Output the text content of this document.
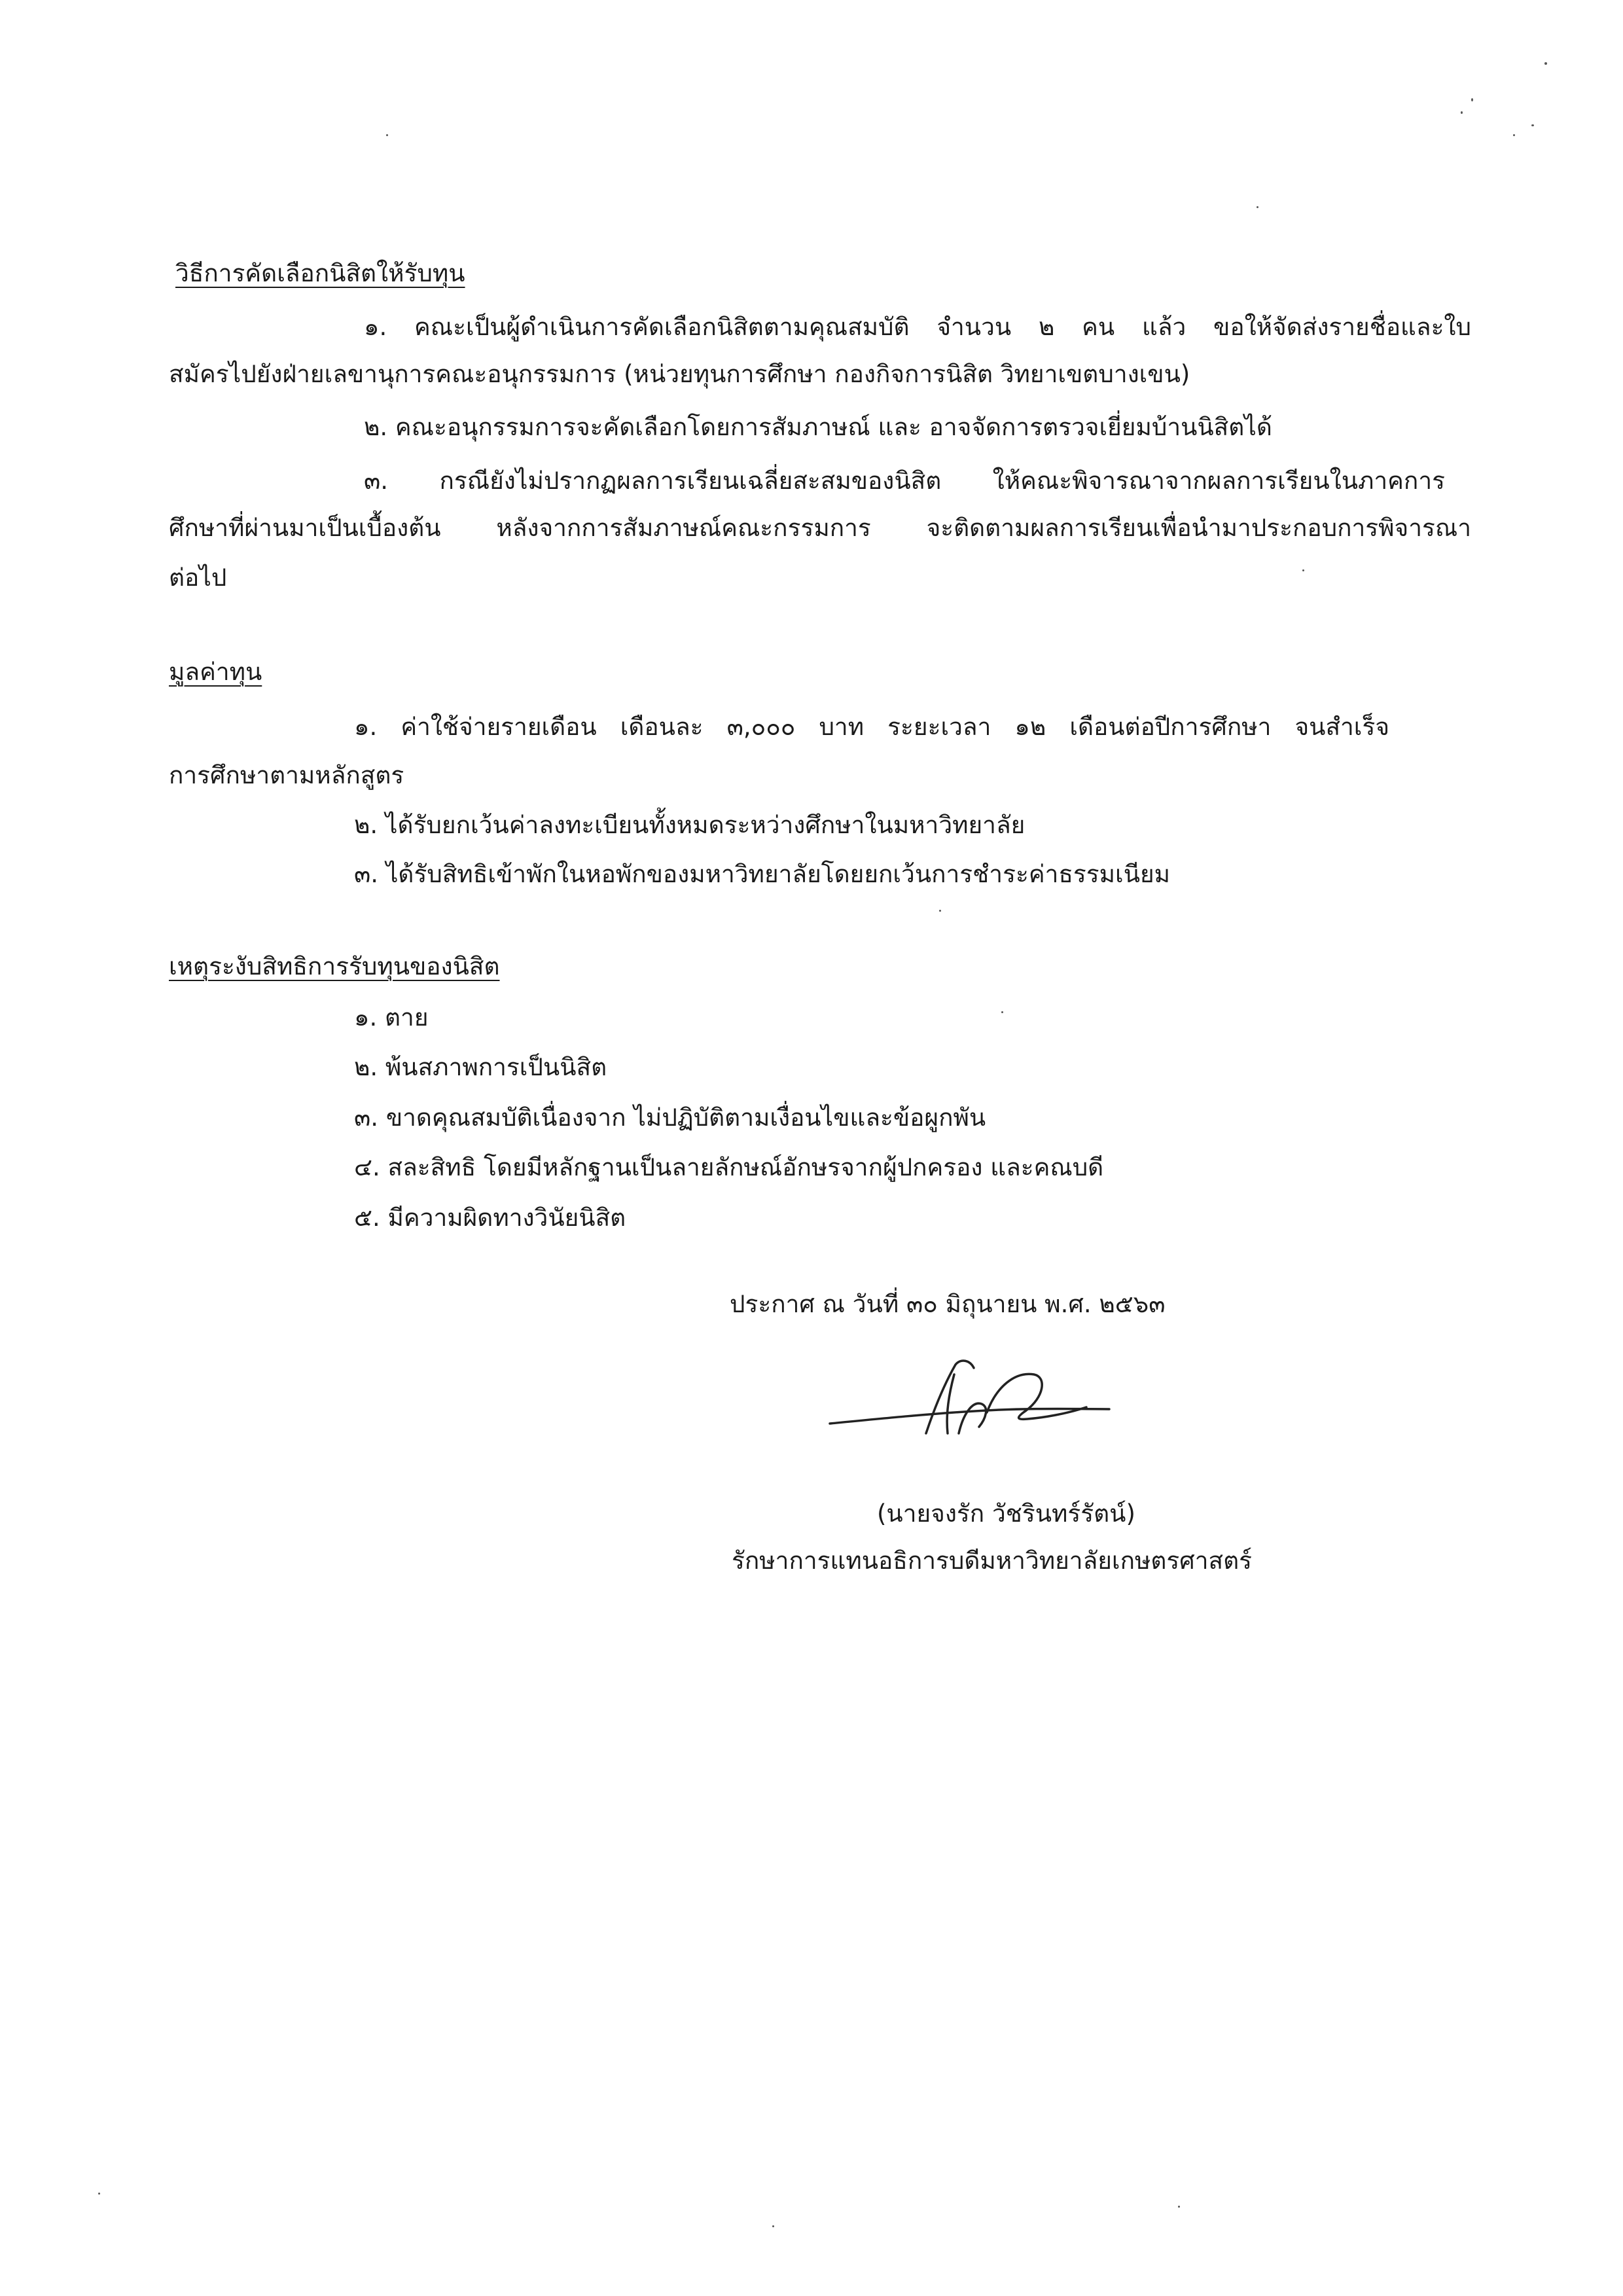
วิธีการคัดเลือกนิสิตให้รับทุน
๑. คณะเป็นผู้ดำเนินการคัดเลือกนิสิตตามคุณสมบัติ จำนวน ๒ คน แล้ว ขอให้จัดส่งรายชื่อและใบ
สมัครไปยังฝ่ายเลขานุการคณะอนุกรรมการ (หน่วยทุนการศึกษา กองกิจการนิสิต วิทยาเขตบางเขน)
๒. คณะอนุกรรมการจะคัดเลือกโดยการสัมภาษณ์ และ อาจจัดการตรวจเยี่ยมบ้านนิสิตได้
๓. กรณียังไม่ปรากฏผลการเรียนเฉลี่ยสะสมของนิสิต ให้คณะพิจารณาจากผลการเรียนในภาคการ
ศึกษาที่ผ่านมาเป็นเบื้องต้น หลังจากการสัมภาษณ์คณะกรรมการ จะติดตามผลการเรียนเพื่อนำมาประกอบการพิจารณา
ต่อไป
มูลค่าทุน
๑. ค่าใช้จ่ายรายเดือน เดือนละ ๓,๐๐๐ บาท ระยะเวลา ๑๒ เดือนต่อปีการศึกษา จนสำเร็จ
การศึกษาตามหลักสูตร
๒. ได้รับยกเว้นค่าลงทะเบียนทั้งหมดระหว่างศึกษาในมหาวิทยาลัย
๓. ได้รับสิทธิเข้าพักในหอพักของมหาวิทยาลัยโดยยกเว้นการชำระค่าธรรมเนียม
เหตุระงับสิทธิการรับทุนของนิสิต
๑. ตาย
๒. พ้นสภาพการเป็นนิสิต
๓. ขาดคุณสมบัติเนื่องจาก ไม่ปฏิบัติตามเงื่อนไขและข้อผูกพัน
๔. สละสิทธิ โดยมีหลักฐานเป็นลายลักษณ์อักษรจากผู้ปกครอง และคณบดี
๕. มีความผิดทางวินัยนิสิต
ประกาศ ณ วันที่ ๓๐ มิถุนายน พ.ศ. ๒๕๖๓
(นายจงรัก วัชรินทร์รัตน์)
รักษาการแทนอธิการบดีมหาวิทยาลัยเกษตรศาสตร์
